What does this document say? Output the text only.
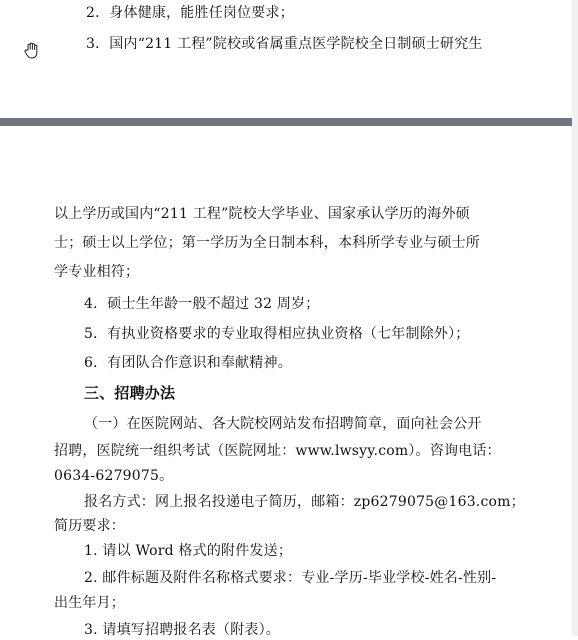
2．身体健康，能胜任岗位要求；
3．国内“211 工程”院校或省属重点医学院校全日制硕士研究生
以上学历或国内“211 工程”院校大学毕业、国家承认学历的海外硕
士；硕士以上学位；第一学历为全日制本科，本科所学专业与硕士所
学专业相符；
4．硕士生年龄一般不超过 32 周岁；
5．有执业资格要求的专业取得相应执业资格（七年制除外）；
6．有团队合作意识和奉献精神。
三、招聘办法
（一）在医院网站、各大院校网站发布招聘简章，面向社会公开
招聘，医院统一组织考试（医院网址：www.lwsyy.com）。咨询电话：
0634-6279075。
报名方式：网上报名投递电子简历，邮箱：zp6279075@163.com；
简历要求：
1. 请以 Word 格式的附件发送；
2. 邮件标题及附件名称格式要求：专业-学历-毕业学校-姓名-性别-
出生年月；
3. 请填写招聘报名表（附表）。
